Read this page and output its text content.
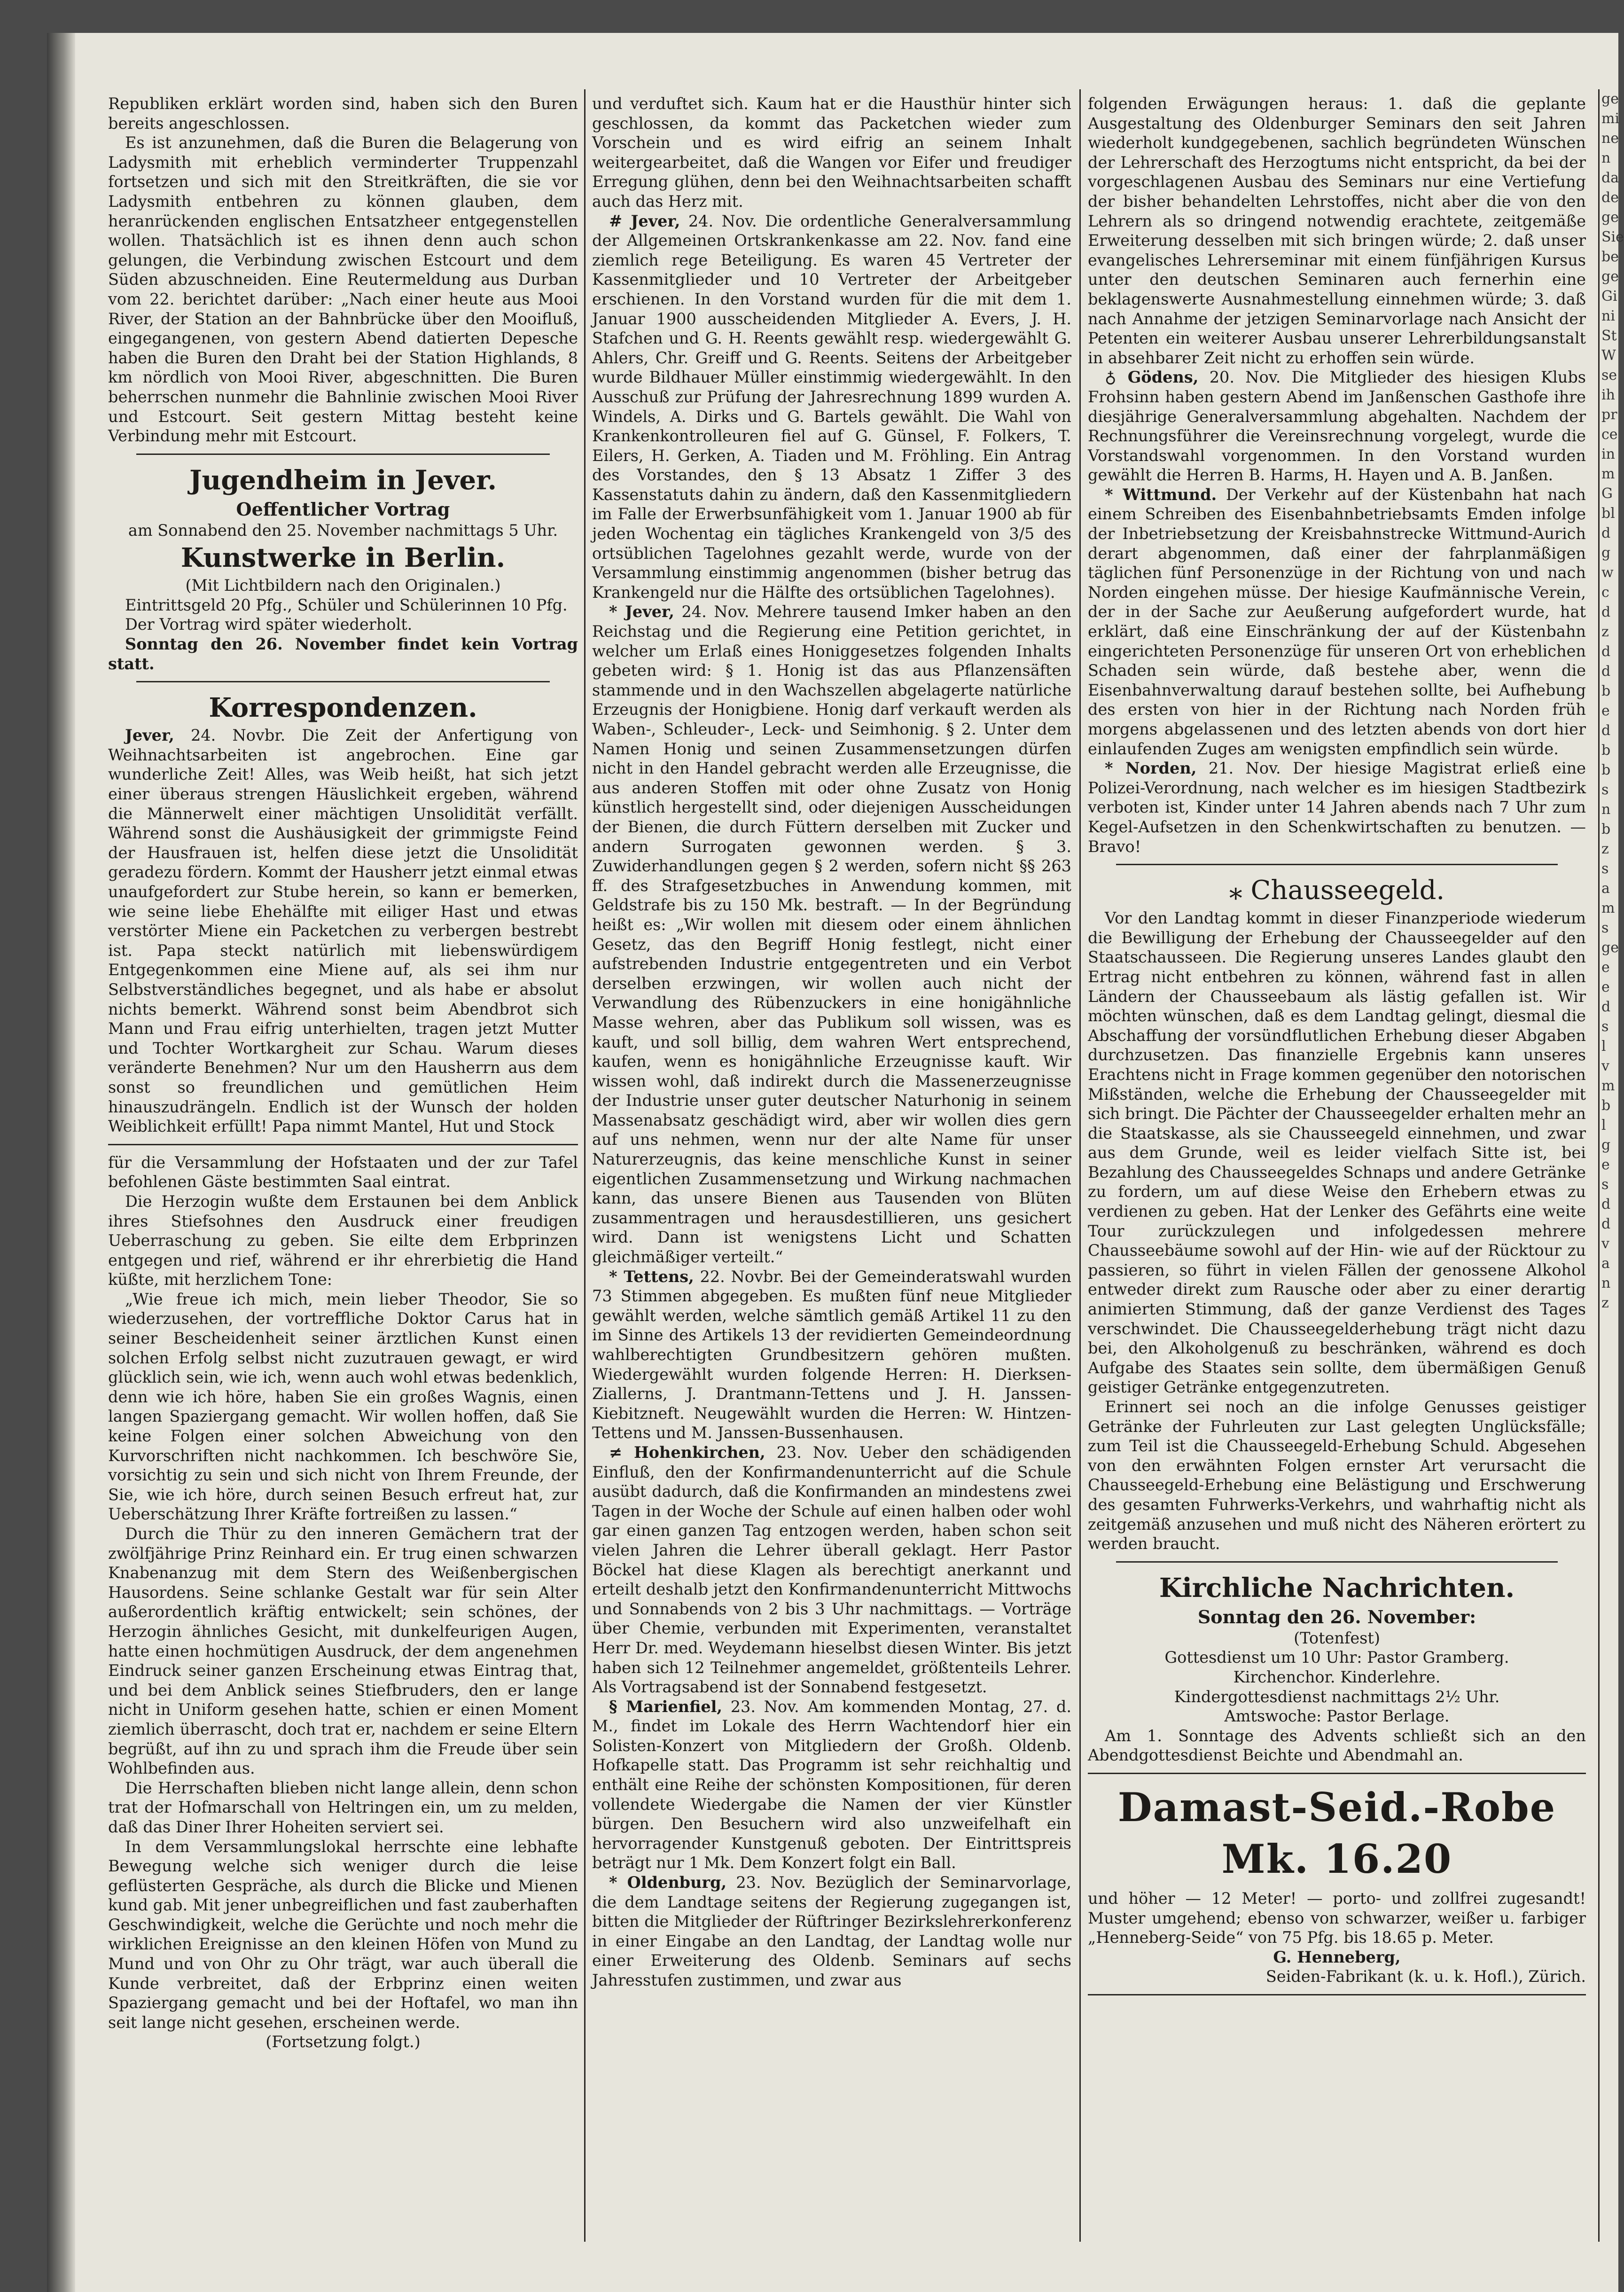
Republiken erklärt worden sind, haben sich den Buren bereits angeschlossen.

Es ist anzunehmen, daß die Buren die Belagerung von Ladysmith mit erheblich verminderter Truppenzahl fortsetzen und sich mit den Streitkräften, die sie vor Ladysmith entbehren zu können glauben, dem heranrückenden englischen Entsatzheer entgegenstellen wollen. Thatsächlich ist es ihnen denn auch schon gelungen, die Verbindung zwischen Estcourt und dem Süden abzuschneiden. Eine Reutermeldung aus Durban vom 22. berichtet darüber: „Nach einer heute aus Mooi River, der Station an der Bahnbrücke über den Mooifluß, eingegangenen, von gestern Abend datierten Depesche haben die Buren den Draht bei der Station Highlands, 8 km nördlich von Mooi River, abgeschnitten. Die Buren beherrschen nunmehr die Bahnlinie zwischen Mooi River und Estcourt. Seit gestern Mittag besteht keine Verbindung mehr mit Estcourt.

Jugendheim in Jever.
Oeffentlicher Vortrag

am Sonnabend den 25. November nachmittags 5 Uhr.

Kunstwerke in Berlin.

(Mit Lichtbildern nach den Originalen.)

Eintrittsgeld 20 Pfg., Schüler und Schülerinnen 10 Pfg.

Der Vortrag wird später wiederholt.

Sonntag den 26. November findet kein Vortrag statt.

Korrespondenzen.

Jever, 24. Novbr. Die Zeit der Anfertigung von Weihnachtsarbeiten ist angebrochen. Eine gar wunderliche Zeit! Alles, was Weib heißt, hat sich jetzt einer überaus strengen Häuslichkeit ergeben, während die Männerwelt einer mächtigen Unsolidität verfällt. Während sonst die Aushäusigkeit der grimmigste Feind der Hausfrauen ist, helfen diese jetzt die Unsolidität geradezu fördern. Kommt der Hausherr jetzt einmal etwas unaufgefordert zur Stube herein, so kann er bemerken, wie seine liebe Ehehälfte mit eiliger Hast und etwas verstörter Miene ein Packetchen zu verbergen bestrebt ist. Papa steckt natürlich mit liebenswürdigem Entgegenkommen eine Miene auf, als sei ihm nur Selbstverständliches begegnet, und als habe er absolut nichts bemerkt. Während sonst beim Abendbrot sich Mann und Frau eifrig unterhielten, tragen jetzt Mutter und Tochter Wortkargheit zur Schau. Warum dieses veränderte Benehmen? Nur um den Hausherrn aus dem sonst so freundlichen und gemütlichen Heim hinauszudrängeln. Endlich ist der Wunsch der holden Weiblichkeit erfüllt! Papa nimmt Mantel, Hut und Stock

für die Versammlung der Hofstaaten und der zur Tafel befohlenen Gäste bestimmten Saal eintrat.

Die Herzogin wußte dem Erstaunen bei dem Anblick ihres Stiefsohnes den Ausdruck einer freudigen Ueberraschung zu geben. Sie eilte dem Erbprinzen entgegen und rief, während er ihr ehrerbietig die Hand küßte, mit herzlichem Tone:

„Wie freue ich mich, mein lieber Theodor, Sie so wiederzusehen, der vortreffliche Doktor Carus hat in seiner Bescheidenheit seiner ärztlichen Kunst einen solchen Erfolg selbst nicht zuzutrauen gewagt, er wird glücklich sein, wie ich, wenn auch wohl etwas bedenklich, denn wie ich höre, haben Sie ein großes Wagnis, einen langen Spaziergang gemacht. Wir wollen hoffen, daß Sie keine Folgen einer solchen Abweichung von den Kurvorschriften nicht nachkommen. Ich beschwöre Sie, vorsichtig zu sein und sich nicht von Ihrem Freunde, der Sie, wie ich höre, durch seinen Besuch erfreut hat, zur Ueberschätzung Ihrer Kräfte fortreißen zu lassen.“

Durch die Thür zu den inneren Gemächern trat der zwölfjährige Prinz Reinhard ein. Er trug einen schwarzen Knabenanzug mit dem Stern des Weißenbergischen Hausordens. Seine schlanke Gestalt war für sein Alter außerordentlich kräftig entwickelt; sein schönes, der Herzogin ähnliches Gesicht, mit dunkelfeurigen Augen, hatte einen hochmütigen Ausdruck, der dem angenehmen Eindruck seiner ganzen Erscheinung etwas Eintrag that, und bei dem Anblick seines Stiefbruders, den er lange nicht in Uniform gesehen hatte, schien er einen Moment ziemlich überrascht, doch trat er, nachdem er seine Eltern begrüßt, auf ihn zu und sprach ihm die Freude über sein Wohlbefinden aus.

Die Herrschaften blieben nicht lange allein, denn schon trat der Hofmarschall von Heltringen ein, um zu melden, daß das Diner Ihrer Hoheiten serviert sei.

In dem Versammlungslokal herrschte eine lebhafte Bewegung welche sich weniger durch die leise geflüsterten Gespräche, als durch die Blicke und Mienen kund gab. Mit jener unbegreiflichen und fast zauberhaften Geschwindigkeit, welche die Gerüchte und noch mehr die wirklichen Ereignisse an den kleinen Höfen von Mund zu Mund und von Ohr zu Ohr trägt, war auch überall die Kunde verbreitet, daß der Erbprinz einen weiten Spaziergang gemacht und bei der Hoftafel, wo man ihn seit lange nicht gesehen, erscheinen werde.

(Fortsetzung folgt.)

und verduftet sich. Kaum hat er die Hausthür hinter sich geschlossen, da kommt das Packetchen wieder zum Vorschein und es wird eifrig an seinem Inhalt weitergearbeitet, daß die Wangen vor Eifer und freudiger Erregung glühen, denn bei den Weihnachtsarbeiten schafft auch das Herz mit.

# Jever, 24. Nov. Die ordentliche Generalversammlung der Allgemeinen Ortskrankenkasse am 22. Nov. fand eine ziemlich rege Beteiligung. Es waren 45 Vertreter der Kassenmitglieder und 10 Vertreter der Arbeitgeber erschienen. In den Vorstand wurden für die mit dem 1. Januar 1900 ausscheidenden Mitglieder A. Evers, J. H. Stafchen und G. H. Reents gewählt resp. wiedergewählt G. Ahlers, Chr. Greiff und G. Reents. Seitens der Arbeitgeber wurde Bildhauer Müller einstimmig wiedergewählt. In den Ausschuß zur Prüfung der Jahresrechnung 1899 wurden A. Windels, A. Dirks und G. Bartels gewählt. Die Wahl von Krankenkontrolleuren fiel auf G. Günsel, F. Folkers, T. Eilers, H. Gerken, A. Tiaden und M. Fröhling. Ein Antrag des Vorstandes, den § 13 Absatz 1 Ziffer 3 des Kassenstatuts dahin zu ändern, daß den Kassenmitgliedern im Falle der Erwerbsunfähigkeit vom 1. Januar 1900 ab für jeden Wochentag ein tägliches Krankengeld von 3/5 des ortsüblichen Tagelohnes gezahlt werde, wurde von der Versammlung einstimmig angenommen (bisher betrug das Krankengeld nur die Hälfte des ortsüblichen Tagelohnes).

* Jever, 24. Nov. Mehrere tausend Imker haben an den Reichstag und die Regierung eine Petition gerichtet, in welcher um Erlaß eines Honiggesetzes folgenden Inhalts gebeten wird: § 1. Honig ist das aus Pflanzensäften stammende und in den Wachszellen abgelagerte natürliche Erzeugnis der Honigbiene. Honig darf verkauft werden als Waben-, Schleuder-, Leck- und Seimhonig. § 2. Unter dem Namen Honig und seinen Zusammensetzungen dürfen nicht in den Handel gebracht werden alle Erzeugnisse, die aus anderen Stoffen mit oder ohne Zusatz von Honig künstlich hergestellt sind, oder diejenigen Ausscheidungen der Bienen, die durch Füttern derselben mit Zucker und andern Surrogaten gewonnen werden. § 3. Zuwiderhandlungen gegen § 2 werden, sofern nicht §§ 263 ff. des Strafgesetzbuches in Anwendung kommen, mit Geldstrafe bis zu 150 Mk. bestraft. — In der Begründung heißt es: „Wir wollen mit diesem oder einem ähnlichen Gesetz, das den Begriff Honig festlegt, nicht einer aufstrebenden Industrie entgegentreten und ein Verbot derselben erzwingen, wir wollen auch nicht der Verwandlung des Rübenzuckers in eine honigähnliche Masse wehren, aber das Publikum soll wissen, was es kauft, und soll billig, dem wahren Wert entsprechend, kaufen, wenn es honigähnliche Erzeugnisse kauft. Wir wissen wohl, daß indirekt durch die Massenerzeugnisse der Industrie unser guter deutscher Naturhonig in seinem Massenabsatz geschädigt wird, aber wir wollen dies gern auf uns nehmen, wenn nur der alte Name für unser Naturerzeugnis, das keine menschliche Kunst in seiner eigentlichen Zusammensetzung und Wirkung nachmachen kann, das unsere Bienen aus Tausenden von Blüten zusammentragen und herausdestillieren, uns gesichert wird. Dann ist wenigstens Licht und Schatten gleichmäßiger verteilt.“

* Tettens, 22. Novbr. Bei der Gemeinderatswahl wurden 73 Stimmen abgegeben. Es mußten fünf neue Mitglieder gewählt werden, welche sämtlich gemäß Artikel 11 zu den im Sinne des Artikels 13 der revidierten Gemeindeordnung wahlberechtigten Grundbesitzern gehören mußten. Wiedergewählt wurden folgende Herren: H. Dierksen-Ziallerns, J. Drantmann-Tettens und J. H. Janssen-Kiebitzneft. Neugewählt wurden die Herren: W. Hintzen-Tettens und M. Janssen-Bussenhausen.

≠ Hohenkirchen, 23. Nov. Ueber den schädigenden Einfluß, den der Konfirmandenunterricht auf die Schule ausübt dadurch, daß die Konfirmanden an mindestens zwei Tagen in der Woche der Schule auf einen halben oder wohl gar einen ganzen Tag entzogen werden, haben schon seit vielen Jahren die Lehrer überall geklagt. Herr Pastor Böckel hat diese Klagen als berechtigt anerkannt und erteilt deshalb jetzt den Konfirmandenunterricht Mittwochs und Sonnabends von 2 bis 3 Uhr nachmittags. — Vorträge über Chemie, verbunden mit Experimenten, veranstaltet Herr Dr. med. Weydemann hieselbst diesen Winter. Bis jetzt haben sich 12 Teilnehmer angemeldet, größtenteils Lehrer. Als Vortragsabend ist der Sonnabend festgesetzt.

§ Marienfiel, 23. Nov. Am kommenden Montag, 27. d. M., findet im Lokale des Herrn Wachtendorf hier ein Solisten-Konzert von Mitgliedern der Großh. Oldenb. Hofkapelle statt. Das Programm ist sehr reichhaltig und enthält eine Reihe der schönsten Kompositionen, für deren vollendete Wiedergabe die Namen der vier Künstler bürgen. Den Besuchern wird also unzweifelhaft ein hervorragender Kunstgenuß geboten. Der Eintrittspreis beträgt nur 1 Mk. Dem Konzert folgt ein Ball.

* Oldenburg, 23. Nov. Bezüglich der Seminarvorlage, die dem Landtage seitens der Regierung zugegangen ist, bitten die Mitglieder der Rüftringer Bezirkslehrerkonferenz in einer Eingabe an den Landtag, der Landtag wolle nur einer Erweiterung des Oldenb. Seminars auf sechs Jahresstufen zustimmen, und zwar aus

folgenden Erwägungen heraus: 1. daß die geplante Ausgestaltung des Oldenburger Seminars den seit Jahren wiederholt kundgegebenen, sachlich begründeten Wünschen der Lehrerschaft des Herzogtums nicht entspricht, da bei der vorgeschlagenen Ausbau des Seminars nur eine Vertiefung der bisher behandelten Lehrstoffes, nicht aber die von den Lehrern als so dringend notwendig erachtete, zeitgemäße Erweiterung desselben mit sich bringen würde; 2. daß unser evangelisches Lehrerseminar mit einem fünfjährigen Kursus unter den deutschen Seminaren auch fernerhin eine beklagenswerte Ausnahmestellung einnehmen würde; 3. daß nach Annahme der jetzigen Seminarvorlage nach Ansicht der Petenten ein weiterer Ausbau unserer Lehrerbildungsanstalt in absehbarer Zeit nicht zu erhoffen sein würde.

♁ Gödens, 20. Nov. Die Mitglieder des hiesigen Klubs Frohsinn haben gestern Abend im Janßenschen Gasthofe ihre diesjährige Generalversammlung abgehalten. Nachdem der Rechnungsführer die Vereinsrechnung vorgelegt, wurde die Vorstandswahl vorgenommen. In den Vorstand wurden gewählt die Herren B. Harms, H. Hayen und A. B. Janßen.

* Wittmund. Der Verkehr auf der Küstenbahn hat nach einem Schreiben des Eisenbahnbetriebsamts Emden infolge der Inbetriebsetzung der Kreisbahnstrecke Wittmund-Aurich derart abgenommen, daß einer der fahrplanmäßigen täglichen fünf Personenzüge in der Richtung von und nach Norden eingehen müsse. Der hiesige Kaufmännische Verein, der in der Sache zur Aeußerung aufgefordert wurde, hat erklärt, daß eine Einschränkung der auf der Küstenbahn eingerichteten Personenzüge für unseren Ort von erheblichen Schaden sein würde, daß bestehe aber, wenn die Eisenbahnverwaltung darauf bestehen sollte, bei Aufhebung des ersten von hier in der Richtung nach Norden früh morgens abgelassenen und des letzten abends von dort hier einlaufenden Zuges am wenigsten empfindlich sein würde.

* Norden, 21. Nov. Der hiesige Magistrat erließ eine Polizei-Verordnung, nach welcher es im hiesigen Stadtbezirk verboten ist, Kinder unter 14 Jahren abends nach 7 Uhr zum Kegel-Aufsetzen in den Schenkwirtschaften zu benutzen. — Bravo!

⁎ Chausseegeld.

Vor den Landtag kommt in dieser Finanzperiode wiederum die Bewilligung der Erhebung der Chausseegelder auf den Staatschausseen. Die Regierung unseres Landes glaubt den Ertrag nicht entbehren zu können, während fast in allen Ländern der Chausseebaum als lästig gefallen ist. Wir möchten wünschen, daß es dem Landtag gelingt, diesmal die Abschaffung der vorsündflutlichen Erhebung dieser Abgaben durchzusetzen. Das finanzielle Ergebnis kann unseres Erachtens nicht in Frage kommen gegenüber den notorischen Mißständen, welche die Erhebung der Chausseegelder mit sich bringt. Die Pächter der Chausseegelder erhalten mehr an die Staatskasse, als sie Chausseegeld einnehmen, und zwar aus dem Grunde, weil es leider vielfach Sitte ist, bei Bezahlung des Chausseegeldes Schnaps und andere Getränke zu fordern, um auf diese Weise den Erhebern etwas zu verdienen zu geben. Hat der Lenker des Gefährts eine weite Tour zurückzulegen und infolgedessen mehrere Chausseebäume sowohl auf der Hin- wie auf der Rücktour zu passieren, so führt in vielen Fällen der genossene Alkohol entweder direkt zum Rausche oder aber zu einer derartig animierten Stimmung, daß der ganze Verdienst des Tages verschwindet. Die Chausseegelderhebung trägt nicht dazu bei, den Alkoholgenuß zu beschränken, während es doch Aufgabe des Staates sein sollte, dem übermäßigen Genuß geistiger Getränke entgegenzutreten.

Erinnert sei noch an die infolge Genusses geistiger Getränke der Fuhrleuten zur Last gelegten Unglücksfälle; zum Teil ist die Chausseegeld-Erhebung Schuld. Abgesehen von den erwähnten Folgen ernster Art verursacht die Chausseegeld-Erhebung eine Belästigung und Erschwerung des gesamten Fuhrwerks-Verkehrs, und wahrhaftig nicht als zeitgemäß anzusehen und muß nicht des Näheren erörtert zu werden braucht.

Kirchliche Nachrichten.
Sonntag den 26. November:

(Totenfest)

Gottesdienst um 10 Uhr: Pastor Gramberg.

Kirchenchor. Kinderlehre.

Kindergottesdienst nachmittags 2½ Uhr.

Amtswoche: Pastor Berlage.

Am 1. Sonntage des Advents schließt sich an den Abendgottesdienst Beichte und Abendmahl an.

Damast-Seid.-Robe Mk. 16.20

und höher — 12 Meter! — porto- und zollfrei zugesandt! Muster umgehend; ebenso von schwarzer, weißer u. farbiger „Henneberg-Seide“ von 75 Pfg. bis 18.65 p. Meter.

G. Henneberg,

Seiden-Fabrikant (k. u. k. Hofl.), Zürich.

ge
mi
ne
n
da
de
ge
Sie
be
ge
Gi
ni
St
W
se
ih
pr
ce
in
m
G
bl
d
g
w
c
d
z
d
d
b
e
d
b
b
s
n
b
z
s
a
m
s
ge
e
e
d
s
l
v
m
b
l
g
e
s
d
d
v
a
n
z
